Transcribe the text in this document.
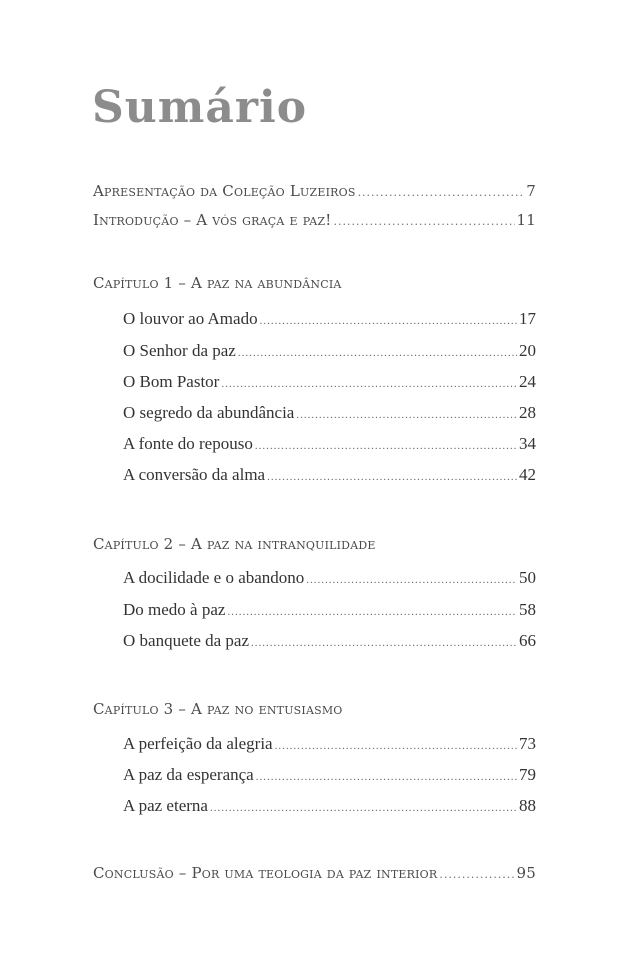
Sumário
Apresentação da Coleção Luzeiros .....	7
Introdução – A vós graça e paz! .....	11
Capítulo 1 – A paz na abundância
O louvor ao Amado .....	17
O Senhor da paz .....	20
O Bom Pastor .....	24
O segredo da abundância .....	28
A fonte do repouso .....	34
A conversão da alma .....	42
Capítulo 2 – A paz na intranquilidade
A docilidade e o abandono .....	50
Do medo à paz .....	58
O banquete da paz .....	66
Capítulo 3 – A paz no entusiasmo
A perfeição da alegria .....	73
A paz da esperança .....	79
A paz eterna .....	88
Conclusão – Por uma teologia da paz interior .....	95
